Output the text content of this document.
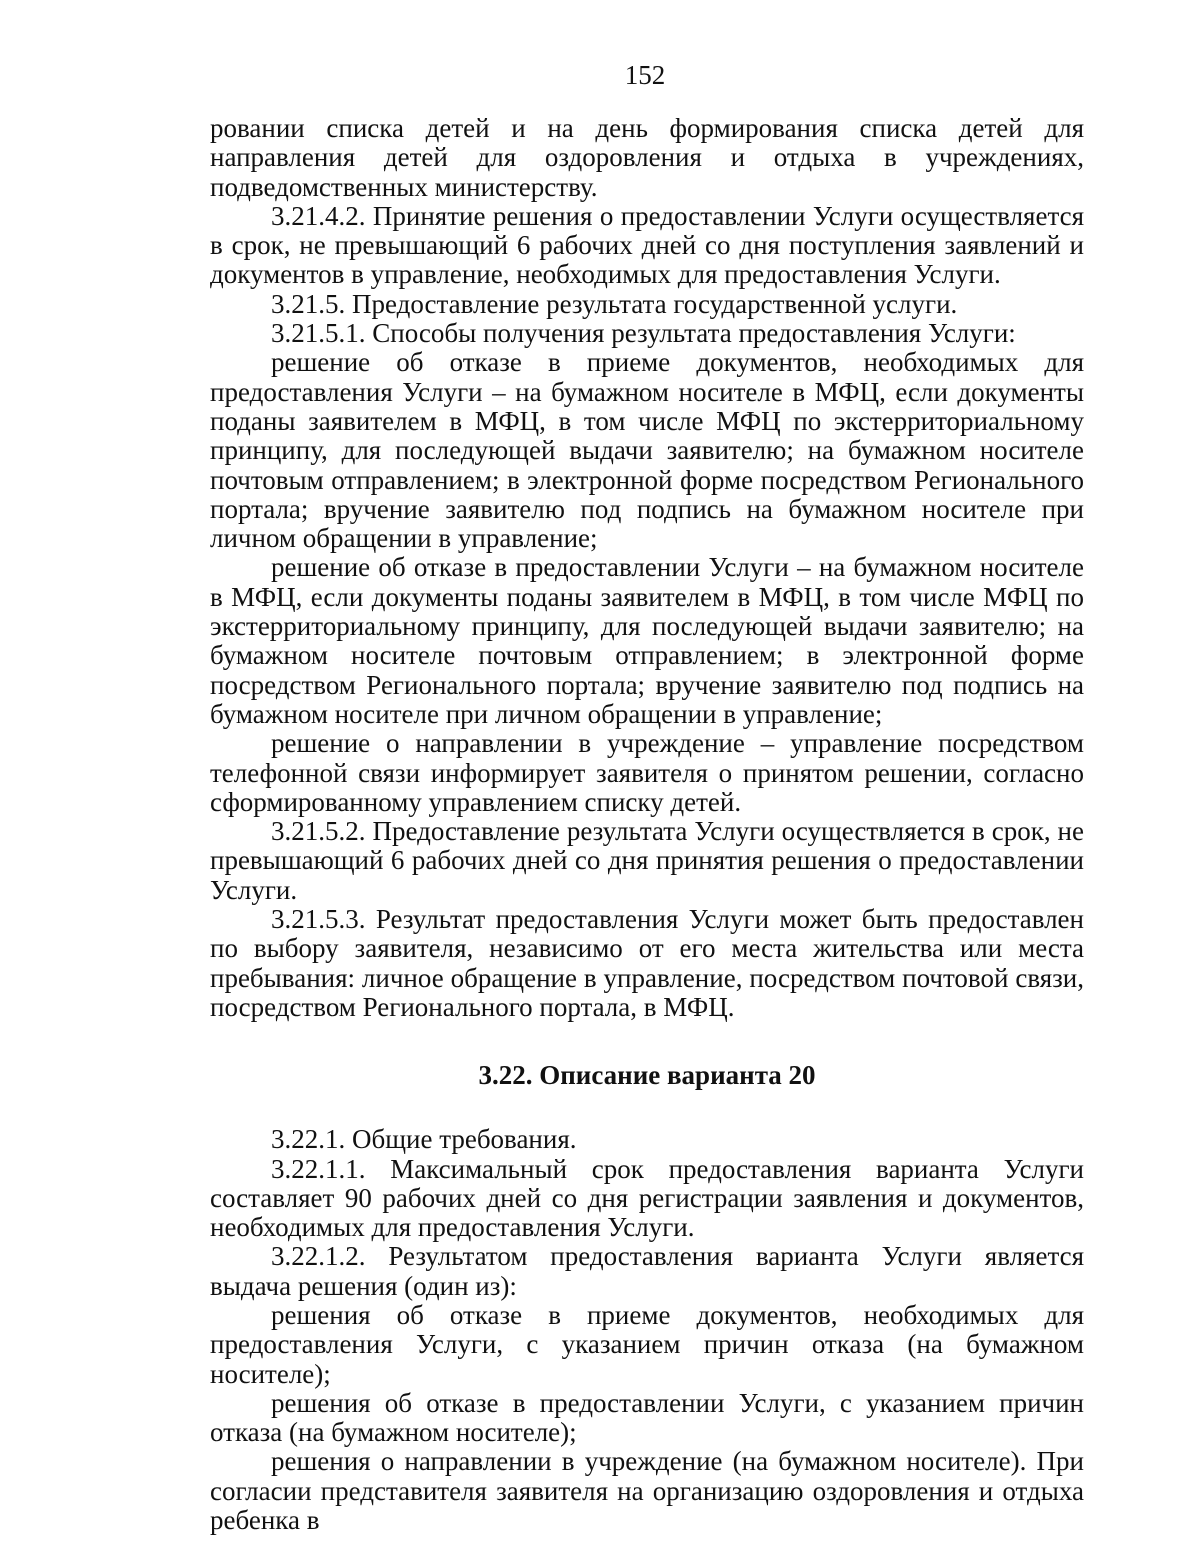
152

ровании списка детей и на день формирования списка детей для направления детей для оздоровления и отдыха в учреждениях, подведомственных министерству.

3.21.4.2. Принятие решения о предоставлении Услуги осуществляется в срок, не превышающий 6 рабочих дней со дня поступления заявлений и документов в управление, необходимых для предоставления Услуги.

3.21.5. Предоставление результата государственной услуги.

3.21.5.1. Способы получения результата предоставления Услуги:

решение об отказе в приеме документов, необходимых для предоставления Услуги – на бумажном носителе в МФЦ, если документы поданы заявителем в МФЦ, в том числе МФЦ по экстерриториальному принципу, для последующей выдачи заявителю; на бумажном носителе почтовым отправлением; в электронной форме посредством Регионального портала; вручение заявителю под подпись на бумажном носителе при личном обращении в управление;

решение об отказе в предоставлении Услуги – на бумажном носителе в МФЦ, если документы поданы заявителем в МФЦ, в том числе МФЦ по экстерриториальному принципу, для последующей выдачи заявителю; на бумажном носителе почтовым отправлением; в электронной форме посредством Регионального портала; вручение заявителю под подпись на бумажном носителе при личном обращении в управление;

решение о направлении в учреждение – управление посредством телефонной связи информирует заявителя о принятом решении, согласно сформированному управлением списку детей.

3.21.5.2. Предоставление результата Услуги осуществляется в срок, не превышающий 6 рабочих дней со дня принятия решения о предоставлении Услуги.

3.21.5.3. Результат предоставления Услуги может быть предоставлен по выбору заявителя, независимо от его места жительства или места пребывания: личное обращение в управление, посредством почтовой связи, посредством Регионального портала, в МФЦ.

3.22. Описание варианта 20

3.22.1. Общие требования.

3.22.1.1. Максимальный срок предоставления варианта Услуги составляет 90 рабочих дней со дня регистрации заявления и документов, необходимых для предоставления Услуги.

3.22.1.2. Результатом предоставления варианта Услуги является выдача решения (один из):

решения об отказе в приеме документов, необходимых для предоставления Услуги, с указанием причин отказа (на бумажном носителе);

решения об отказе в предоставлении Услуги, с указанием причин отказа (на бумажном носителе);

решения о направлении в учреждение (на бумажном носителе). При согласии представителя заявителя на организацию оздоровления и отдыха ребенка в
